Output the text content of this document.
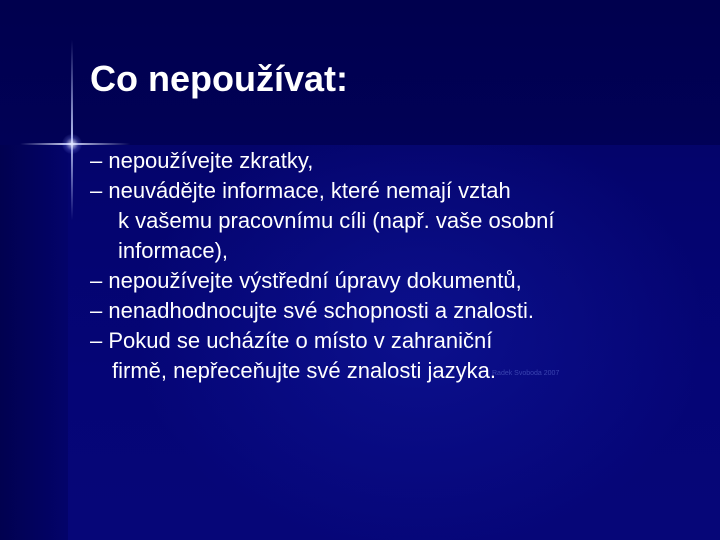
Co nepoužívat:
– nepoužívejte zkratky,
– neuvádějte informace, které nemají vztah
k vašemu pracovnímu cíli (např. vaše osobní
informace),
– nepoužívejte výstřední úpravy dokumentů,
– nenadhodnocujte své schopnosti a znalosti.
– Pokud se ucházíte o místo v zahraniční
firmě, nepřeceňujte své znalosti jazyka.
Radek Svoboda 2007
